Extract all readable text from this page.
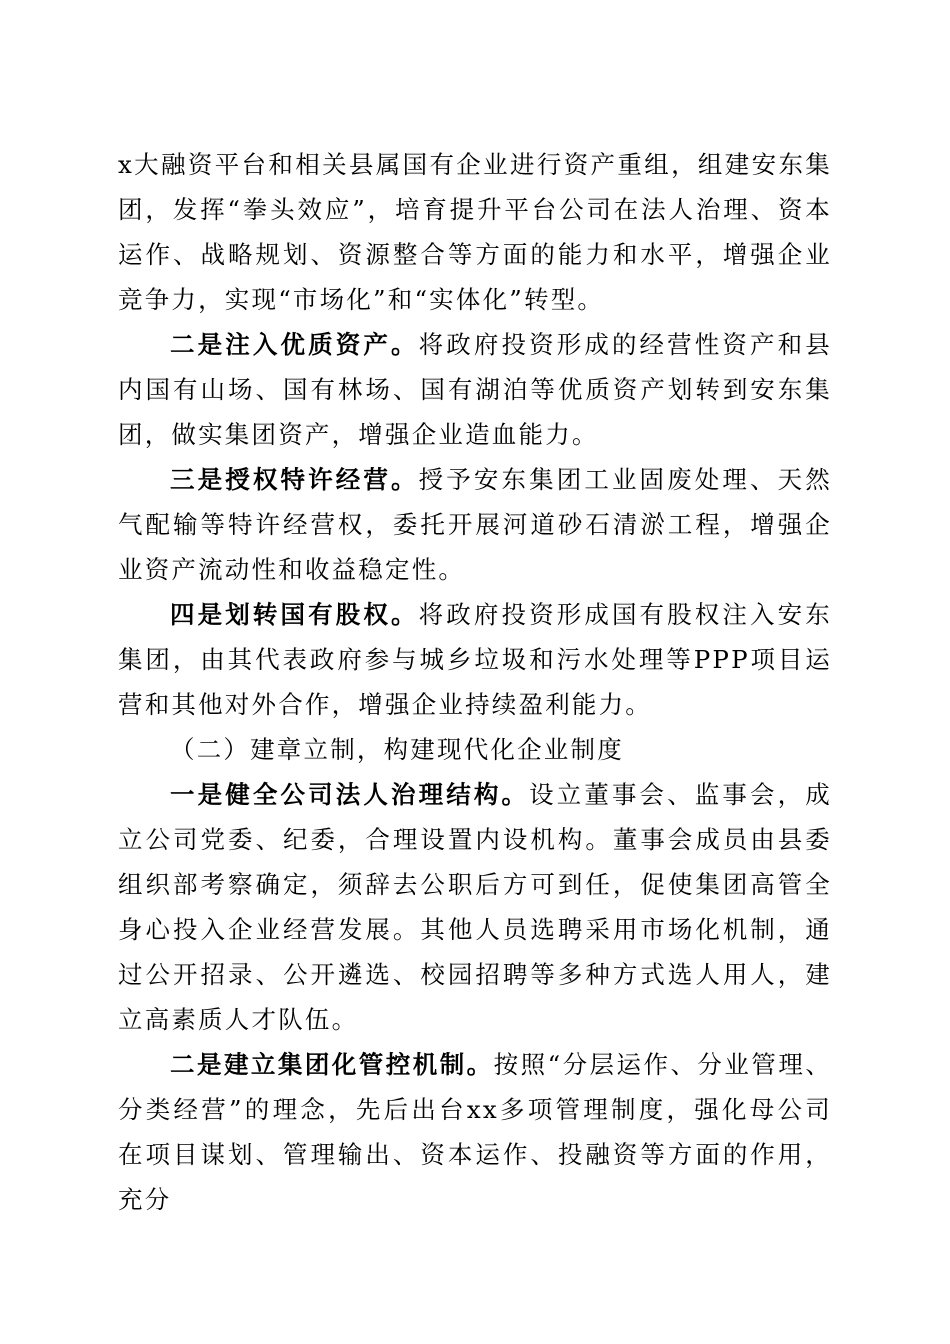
x大融资平台和相关县属国有企业进行资产重组，组建安东集团，发挥“拳头效应”，培育提升平台公司在法人治理、资本运作、战略规划、资源整合等方面的能力和水平，增强企业竞争力，实现“市场化”和“实体化”转型。

二是注入优质资产。将政府投资形成的经营性资产和县内国有山场、国有林场、国有湖泊等优质资产划转到安东集团，做实集团资产，增强企业造血能力。

三是授权特许经营。授予安东集团工业固废处理、天然气配输等特许经营权，委托开展河道砂石清淤工程，增强企业资产流动性和收益稳定性。

四是划转国有股权。将政府投资形成国有股权注入安东集团，由其代表政府参与城乡垃圾和污水处理等PPP项目运营和其他对外合作，增强企业持续盈利能力。

（二）建章立制，构建现代化企业制度

一是健全公司法人治理结构。设立董事会、监事会，成立公司党委、纪委，合理设置内设机构。董事会成员由县委组织部考察确定，须辞去公职后方可到任，促使集团高管全身心投入企业经营发展。其他人员选聘采用市场化机制，通过公开招录、公开遴选、校园招聘等多种方式选人用人，建立高素质人才队伍。

二是建立集团化管控机制。按照“分层运作、分业管理、分类经营”的理念，先后出台xx多项管理制度，强化母公司在项目谋划、管理输出、资本运作、投融资等方面的作用，充分
